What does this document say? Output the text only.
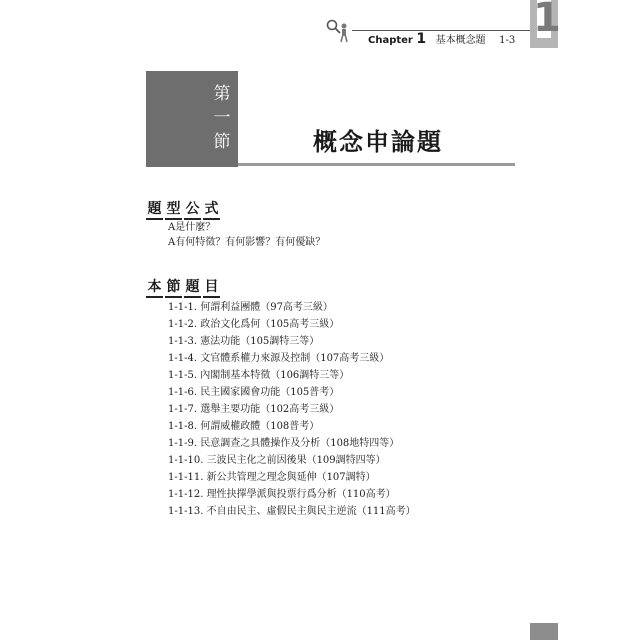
Chapter 1 基本概念題 1-3 1
第
一
節	概念申論題
題 型 公 式
A是什麼？
A有何特徵？有何影響？有何優缺？
本 節 題 目
1-1-1. 何謂利益團體（97高考三級）
1-1-2. 政治文化爲何（105高考三級）
1-1-3. 憲法功能（105調特三等）
1-1-4. 文官體系權力來源及控制（107高考三級）
1-1-5. 內閣制基本特徵（106調特三等）
1-1-6. 民主國家國會功能（105普考）
1-1-7. 選舉主要功能（102高考三級）
1-1-8. 何謂威權政體（108普考）
1-1-9. 民意調查之具體操作及分析（108地特四等）
1-1-10. 三波民主化之前因後果（109調特四等）
1-1-11. 新公共管理之理念與延伸（107調特）
1-1-12. 理性抉擇學派與投票行爲分析（110高考）
1-1-13. 不自由民主、虛假民主與民主逆流（111高考）
